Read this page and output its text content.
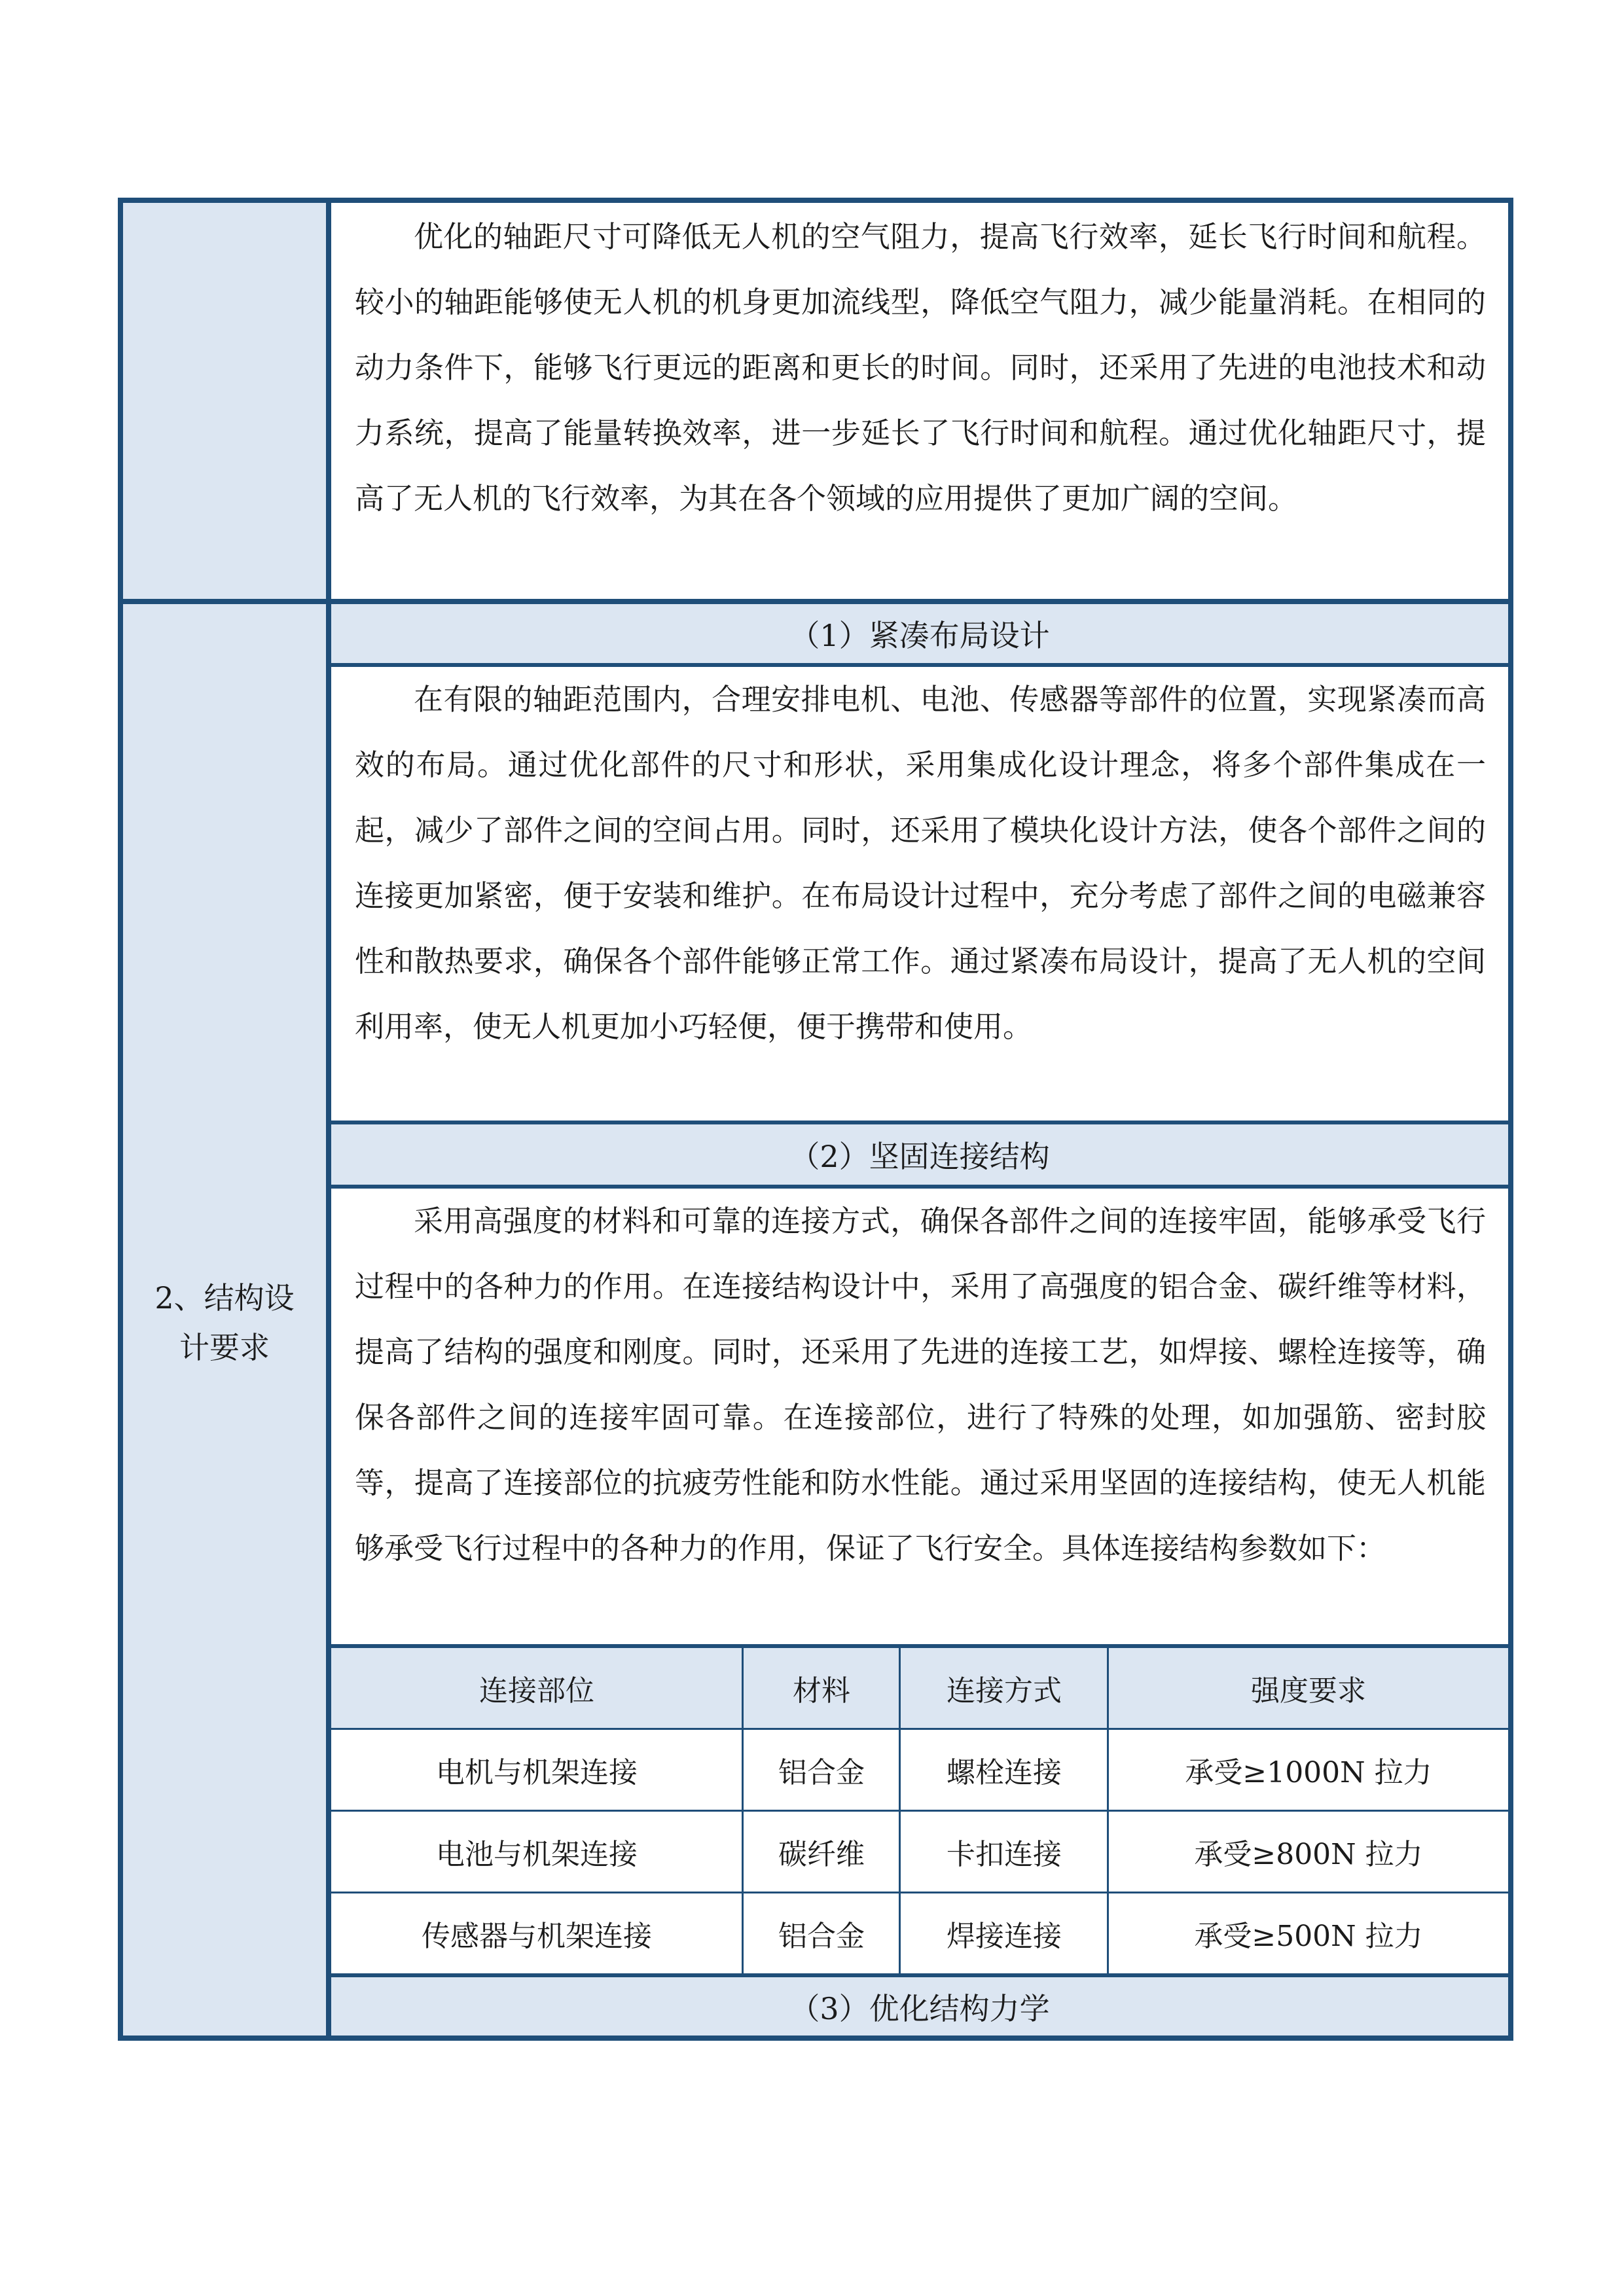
优化的轴距尺寸可降低无人机的空气阻力，提高飞行效率，延长飞行时间和航程。较小的轴距能够使无人机的机身更加流线型，降低空气阻力，减少能量消耗。在相同的动力条件下，能够飞行更远的距离和更长的时间。同时，还采用了先进的电池技术和动力系统，提高了能量转换效率，进一步延长了飞行时间和航程。通过优化轴距尺寸，提高了无人机的飞行效率，为其在各个领域的应用提供了更加广阔的空间。

2、结构设
计要求
（1）紧凑布局设计

在有限的轴距范围内，合理安排电机、电池、传感器等部件的位置，实现紧凑而高效的布局。通过优化部件的尺寸和形状，采用集成化设计理念，将多个部件集成在一起，减少了部件之间的空间占用。同时，还采用了模块化设计方法，使各个部件之间的连接更加紧密，便于安装和维护。在布局设计过程中，充分考虑了部件之间的电磁兼容性和散热要求，确保各个部件能够正常工作。通过紧凑布局设计，提高了无人机的空间利用率，使无人机更加小巧轻便，便于携带和使用。

（2）坚固连接结构

采用高强度的材料和可靠的连接方式，确保各部件之间的连接牢固，能够承受飞行过程中的各种力的作用。在连接结构设计中，采用了高强度的铝合金、碳纤维等材料，提高了结构的强度和刚度。同时，还采用了先进的连接工艺，如焊接、螺栓连接等，确保各部件之间的连接牢固可靠。在连接部位，进行了特殊的处理，如加强筋、密封胶等，提高了连接部位的抗疲劳性能和防水性能。通过采用坚固的连接结构，使无人机能够承受飞行过程中的各种力的作用，保证了飞行安全。具体连接结构参数如下：

连接部位	材料	连接方式	强度要求
电机与机架连接	铝合金	螺栓连接	承受≥1000N 拉力
电池与机架连接	碳纤维	卡扣连接	承受≥800N 拉力
传感器与机架连接	铝合金	焊接连接	承受≥500N 拉力
（3）优化结构力学
